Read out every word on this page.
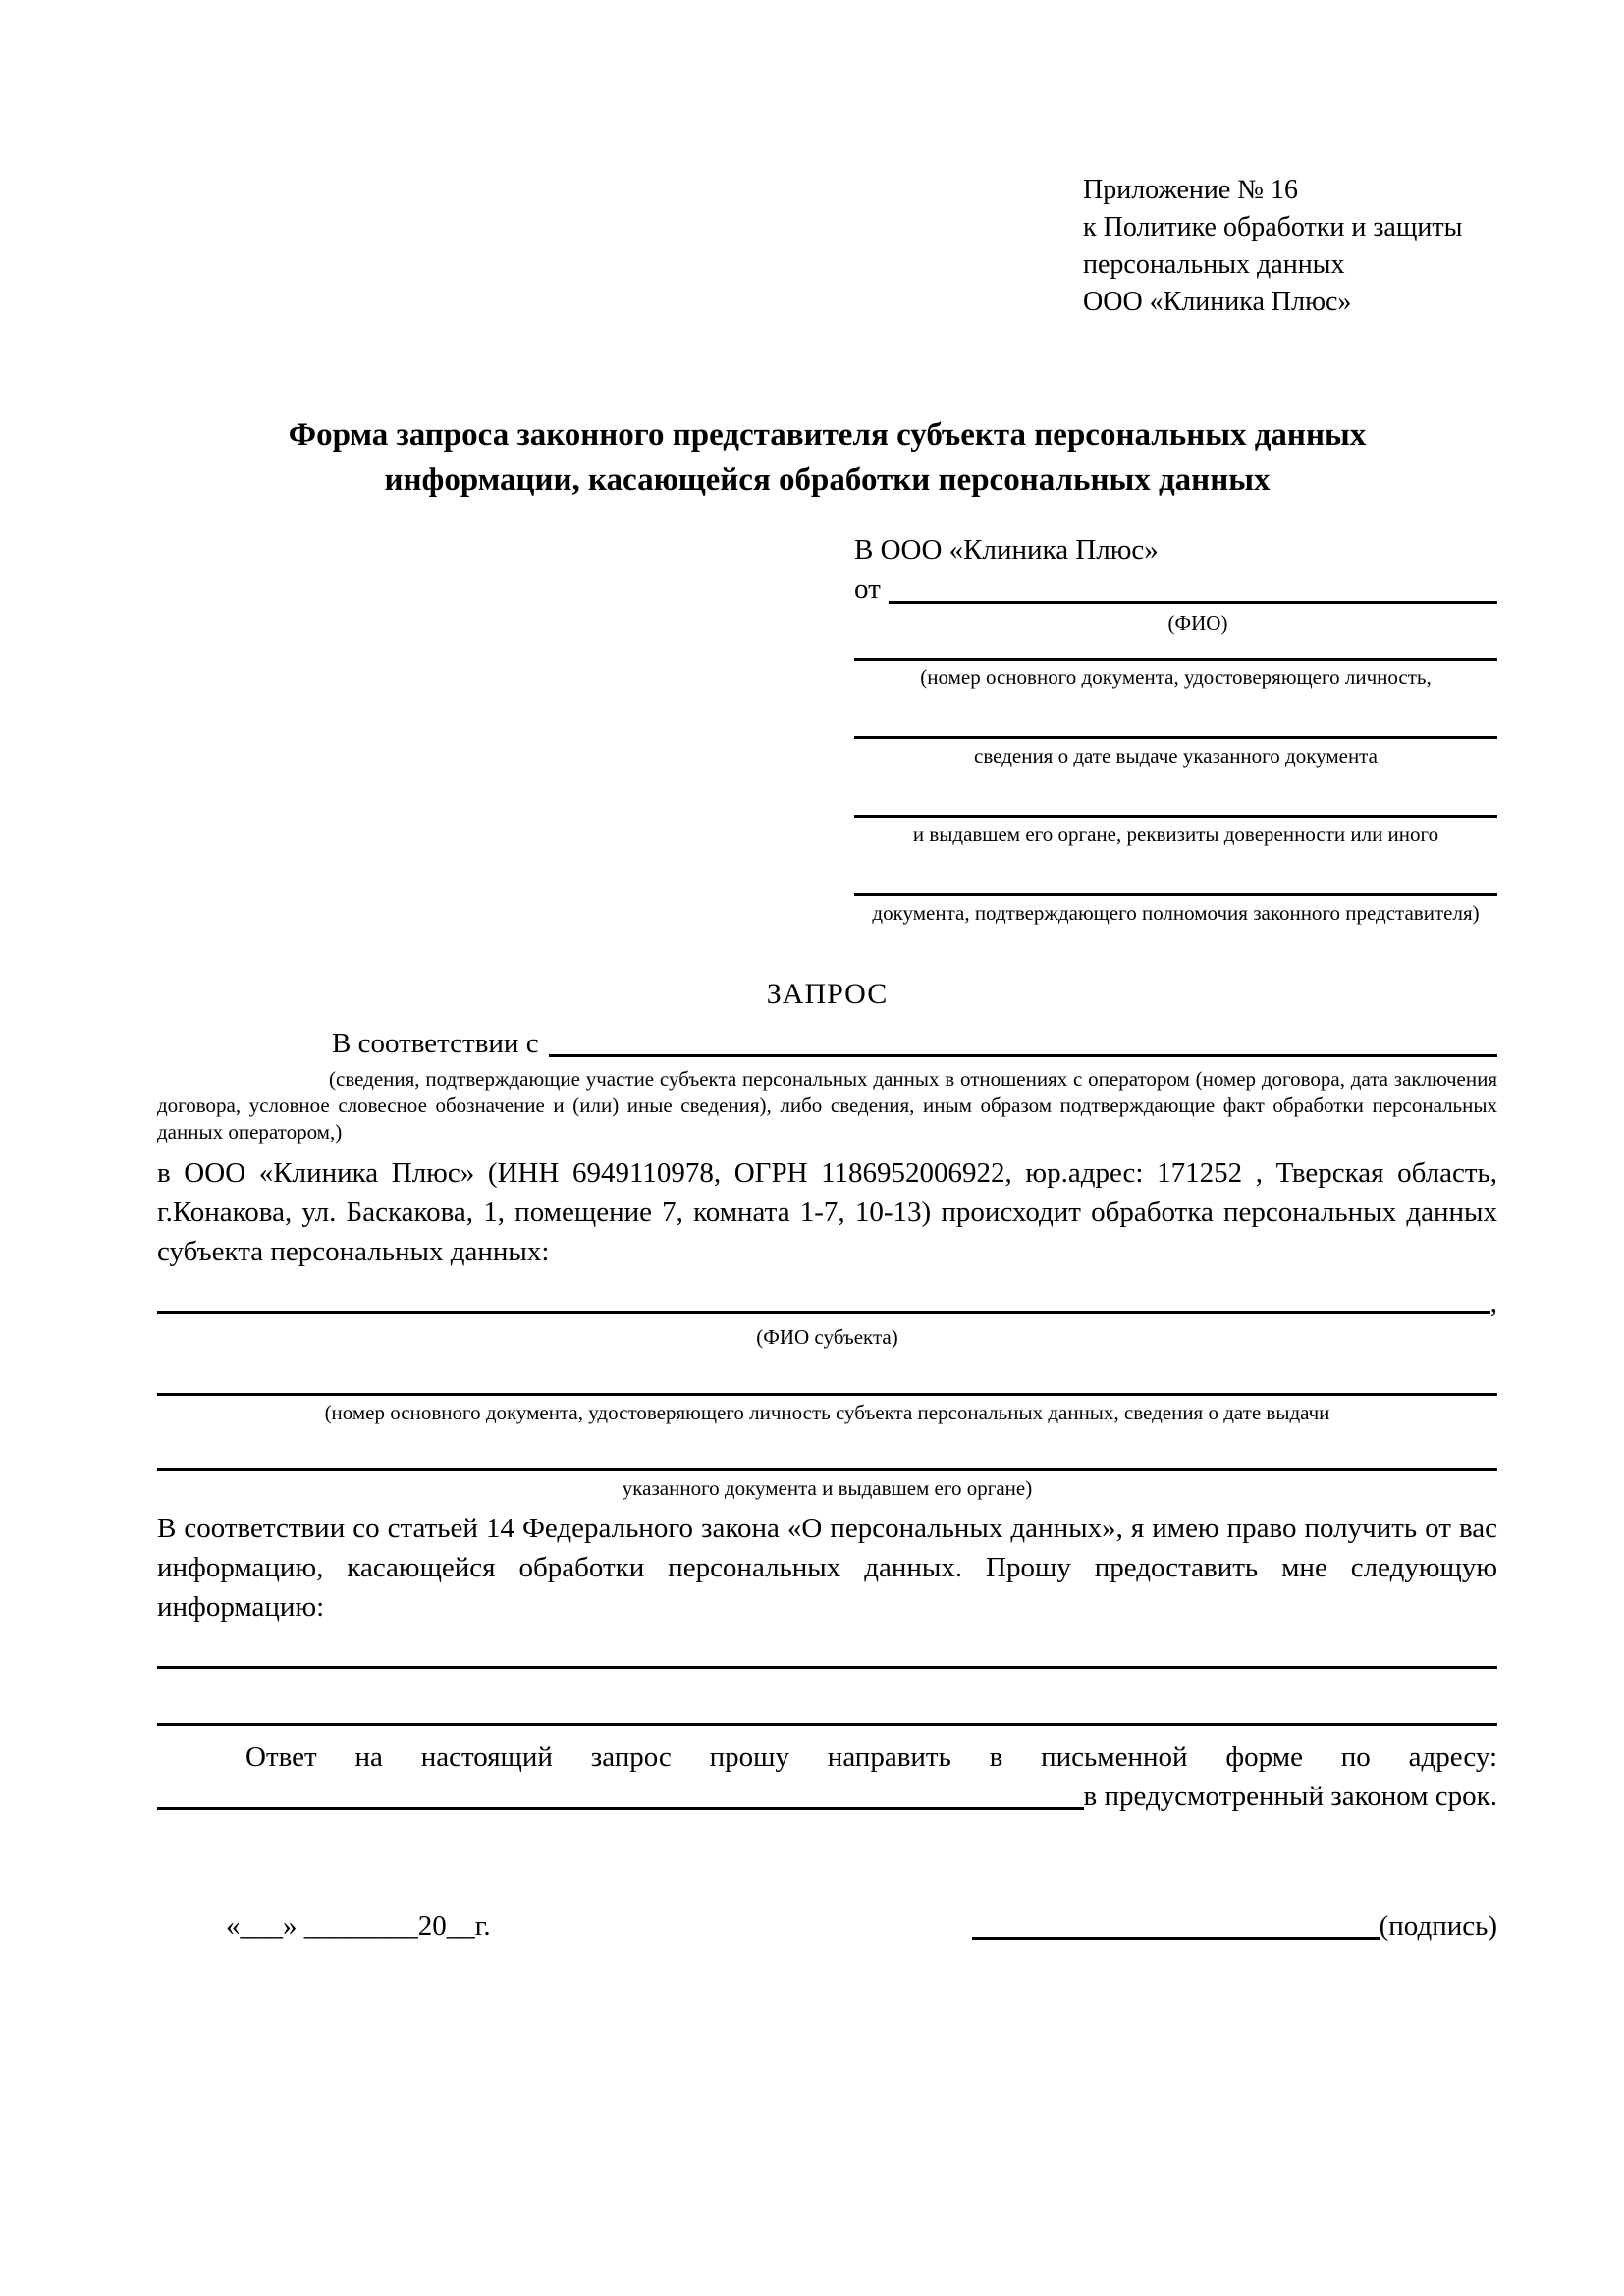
Приложение № 16
к Политике обработки и защиты
персональных данных
ООО «Клиника Плюс»
Форма запроса законного представителя субъекта персональных данных
информации, касающейся обработки персональных данных
В ООО «Клиника Плюс»
от
(ФИО)
(номер основного документа, удостоверяющего личность,
сведения о дате выдаче указанного документа
и выдавшем его органе, реквизиты доверенности или иного
документа, подтверждающего полномочия законного представителя)
ЗАПРОС
В соответствии с

(сведения, подтверждающие участие субъекта персональных данных в отношениях с оператором (номер договора, дата заключения договора, условное словесное обозначение и (или) иные сведения), либо сведения, иным образом подтверждающие факт обработки персональных данных оператором,)

в ООО «Клиника Плюс» (ИНН 6949110978, ОГРН 1186952006922, юр.адрес: 171252 , Тверская область, г.Конакова, ул. Баскакова, 1, помещение 7, комната 1-7, 10-13) происходит обработка персональных данных субъекта персональных данных:

,
(ФИО субъекта)
(номер основного документа, удостоверяющего личность субъекта персональных данных, сведения о дате выдачи
указанного документа и выдавшем его органе)

В соответствии со статьей 14 Федерального закона «О персональных данных», я имею право получить от вас информацию, касающейся обработки персональных данных. Прошу предоставить мне следующую информацию:

Ответ на настоящий запрос прошу направить в письменной форме по адресу:

в предусмотренный законом срок.
«___» ________20__г.	(подпись)
